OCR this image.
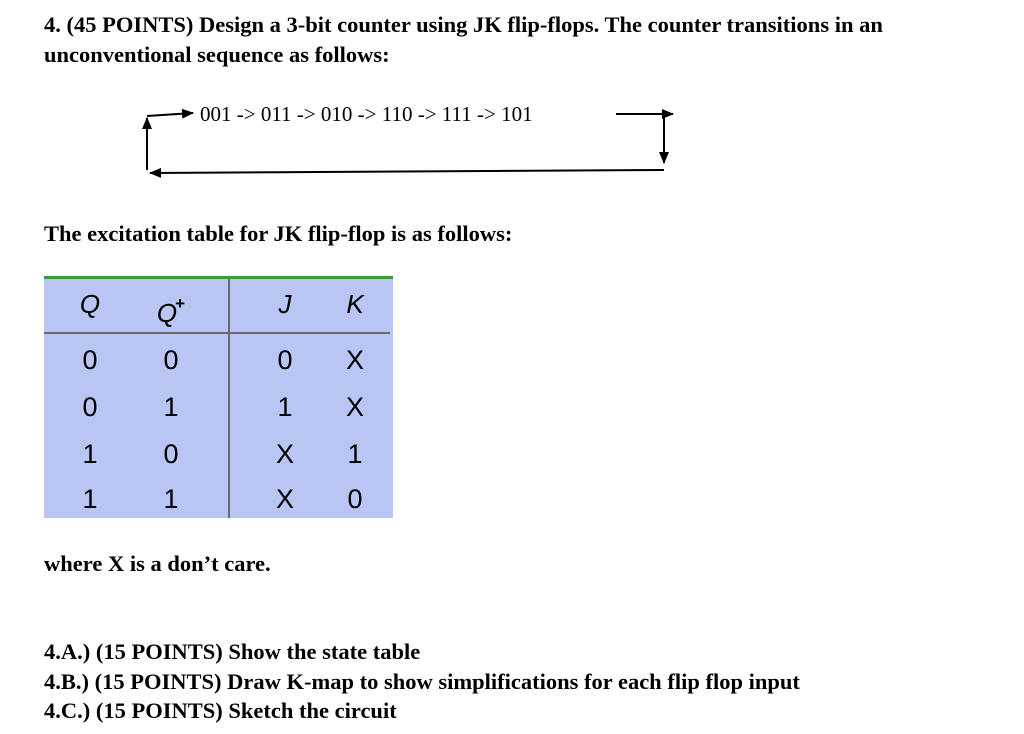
4. (45 POINTS) Design a 3-bit counter using JK flip-flops. The counter transitions in an unconventional sequence as follows:

001 -> 011 -> 010 -> 110 -> 111 -> 101

The excitation table for JK flip-flop is as follows:

Q	Q+	J	K
0	0	0	X
0	1	1	X
1	0	X	1
1	1	X	0

where X is a don’t care.

4.A.) (15 POINTS) Show the state table
4.B.) (15 POINTS) Draw K-map to show simplifications for each flip flop input
4.C.) (15 POINTS) Sketch the circuit
